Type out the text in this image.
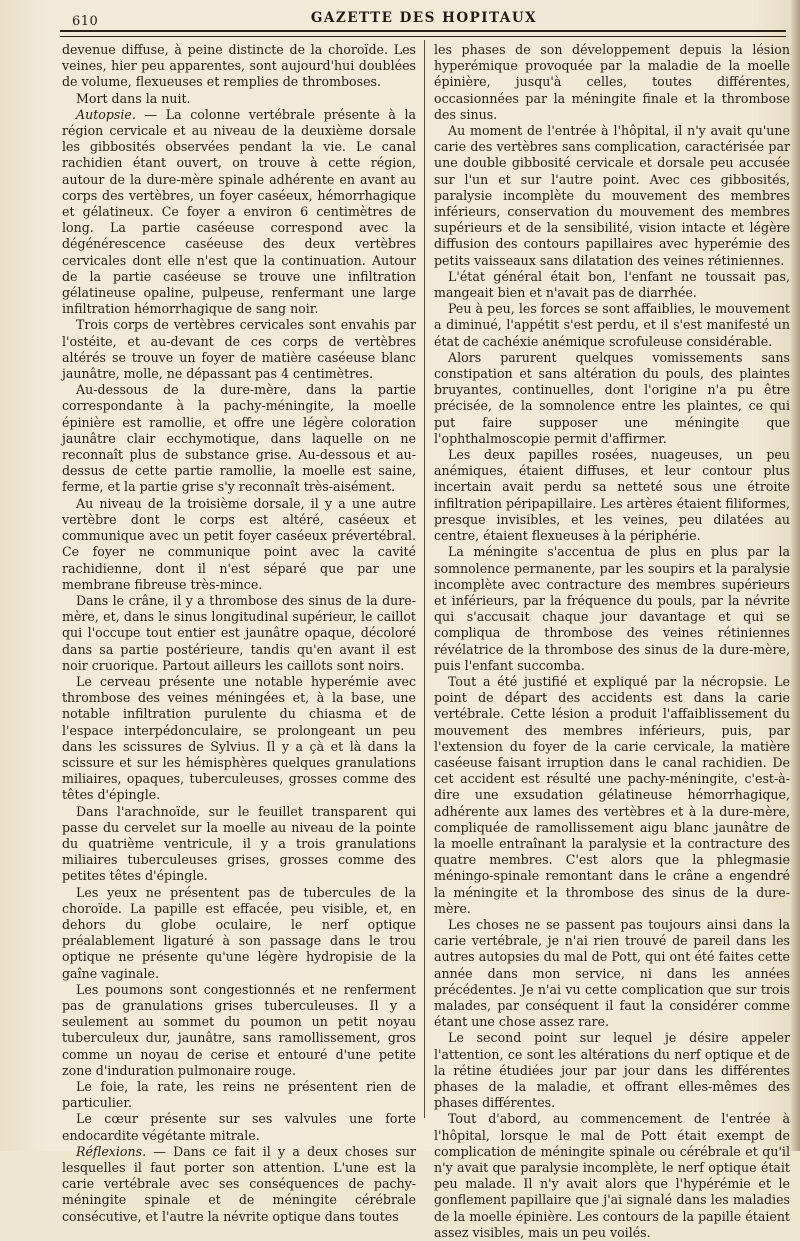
610	GAZETTE DES HOPITAUX

devenue diffuse, à peine distincte de la choroïde. Les veines, hier peu apparentes, sont aujourd'hui doublées de volume, flexueuses et remplies de thromboses.

Mort dans la nuit.

Autopsie. — La colonne vertébrale présente à la région cervicale et au niveau de la deuxième dorsale les gibbosités observées pendant la vie. Le canal rachidien étant ouvert, on trouve à cette région, autour de la dure-mère spinale adhérente en avant au corps des vertèbres, un foyer caséeux, hémorrhagique et gélatineux. Ce foyer a environ 6 centimètres de long. La partie caséeuse correspond avec la dégénérescence caséeuse des deux vertèbres cervicales dont elle n'est que la continuation. Autour de la partie caséeuse se trouve une infiltration gélatineuse opaline, pulpeuse, renfermant une large infiltration hémorrhagique de sang noir.

Trois corps de vertèbres cervicales sont envahis par l'ostéite, et au-devant de ces corps de vertèbres altérés se trouve un foyer de matière caséeuse blanc jaunâtre, molle, ne dépassant pas 4 centimètres.

Au-dessous de la dure-mère, dans la partie correspondante à la pachy-méningite, la moelle épinière est ramollie, et offre une légère coloration jaunâtre clair ecchymotique, dans laquelle on ne reconnaît plus de substance grise. Au-dessous et au-dessus de cette partie ramollie, la moelle est saine, ferme, et la partie grise s'y reconnaît très-aisément.

Au niveau de la troisième dorsale, il y a une autre vertèbre dont le corps est altéré, caséeux et communique avec un petit foyer caséeux prévertébral. Ce foyer ne communique point avec la cavité rachidienne, dont il n'est séparé que par une membrane fibreuse très-mince.

Dans le crâne, il y a thrombose des sinus de la dure-mère, et, dans le sinus longitudinal supérieur, le caillot qui l'occupe tout entier est jaunâtre opaque, décoloré dans sa partie postérieure, tandis qu'en avant il est noir cruorique. Partout ailleurs les caillots sont noirs.

Le cerveau présente une notable hyperémie avec thrombose des veines méningées et, à la base, une notable infiltration purulente du chiasma et de l'espace interpédonculaire, se prolongeant un peu dans les scissures de Sylvius. Il y a çà et là dans la scissure et sur les hémisphères quelques granulations miliaires, opaques, tuberculeuses, grosses comme des têtes d'épingle.

Dans l'arachnoïde, sur le feuillet transparent qui passe du cervelet sur la moelle au niveau de la pointe du quatrième ventricule, il y a trois granulations miliaires tuberculeuses grises, grosses comme des petites têtes d'épingle.

Les yeux ne présentent pas de tubercules de la choroïde. La papille est effacée, peu visible, et, en dehors du globe oculaire, le nerf optique préalablement ligaturé à son passage dans le trou optique ne présente qu'une légère hydropisie de la gaîne vaginale.

Les poumons sont congestionnés et ne renferment pas de granulations grises tuberculeuses. Il y a seulement au sommet du poumon un petit noyau tuberculeux dur, jaunâtre, sans ramollissement, gros comme un noyau de cerise et entouré d'une petite zone d'induration pulmonaire rouge.

Le foie, la rate, les reins ne présentent rien de particulier.

Le cœur présente sur ses valvules une forte endocardite végétante mitrale.

Réflexions. — Dans ce fait il y a deux choses sur lesquelles il faut porter son attention. L'une est la carie vertébrale avec ses conséquences de pachy-méningite spinale et de méningite cérébrale consécutive, et l'autre la névrite optique dans toutes

les phases de son développement depuis la lésion hyperémique provoquée par la maladie de la moelle épinière, jusqu'à celles, toutes différentes, occasionnées par la méningite finale et la thrombose des sinus.

Au moment de l'entrée à l'hôpital, il n'y avait qu'une carie des vertèbres sans complication, caractérisée par une double gibbosité cervicale et dorsale peu accusée sur l'un et sur l'autre point. Avec ces gibbosités, paralysie incomplète du mouvement des membres inférieurs, conservation du mouvement des membres supérieurs et de la sensibilité, vision intacte et légère diffusion des contours papillaires avec hyperémie des petits vaisseaux sans dilatation des veines rétiniennes.

L'état général était bon, l'enfant ne toussait pas, mangeait bien et n'avait pas de diarrhée.

Peu à peu, les forces se sont affaiblies, le mouvement a diminué, l'appétit s'est perdu, et il s'est manifesté un état de cachéxie anémique scrofuleuse considérable.

Alors parurent quelques vomissements sans constipation et sans altération du pouls, des plaintes bruyantes, continuelles, dont l'origine n'a pu être précisée, de la somnolence entre les plaintes, ce qui put faire supposer une méningite que l'ophthalmoscopie permit d'affirmer.

Les deux papilles rosées, nuageuses, un peu anémiques, étaient diffuses, et leur contour plus incertain avait perdu sa netteté sous une étroite infiltration péripapillaire. Les artères étaient filiformes, presque invisibles, et les veines, peu dilatées au centre, étaient flexueuses à la périphérie.

La méningite s'accentua de plus en plus par la somnolence permanente, par les soupirs et la paralysie incomplète avec contracture des membres supérieurs et inférieurs, par la fréquence du pouls, par la névrite qui s'accusait chaque jour davantage et qui se compliqua de thrombose des veines rétiniennes révélatrice de la thrombose des sinus de la dure-mère, puis l'enfant succomba.

Tout a été justifié et expliqué par la nécropsie. Le point de départ des accidents est dans la carie vertébrale. Cette lésion a produit l'affaiblissement du mouvement des membres inférieurs, puis, par l'extension du foyer de la carie cervicale, la matière caséeuse faisant irruption dans le canal rachidien. De cet accident est résulté une pachy-méningite, c'est-à-dire une exsudation gélatineuse hémorrhagique, adhérente aux lames des vertèbres et à la dure-mère, compliquée de ramollissement aigu blanc jaunâtre de la moelle entraînant la paralysie et la contracture des quatre membres. C'est alors que la phlegmasie méningo-spinale remontant dans le crâne a engendré la méningite et la thrombose des sinus de la dure-mère.

Les choses ne se passent pas toujours ainsi dans la carie vertébrale, je n'ai rien trouvé de pareil dans les autres autopsies du mal de Pott, qui ont été faites cette année dans mon service, ni dans les années précédentes. Je n'ai vu cette complication que sur trois malades, par conséquent il faut la considérer comme étant une chose assez rare.

Le second point sur lequel je désire appeler l'attention, ce sont les altérations du nerf optique et de la rétine étudiées jour par jour dans les différentes phases de la maladie, et offrant elles-mêmes des phases différentes.

Tout d'abord, au commencement de l'entrée à l'hôpital, lorsque le mal de Pott était exempt de complication de méningite spinale ou cérébrale et qu'il n'y avait que paralysie incomplète, le nerf optique était peu malade. Il n'y avait alors que l'hypérémie et le gonflement papillaire que j'ai signalé dans les maladies de la moelle épinière. Les contours de la papille étaient assez visibles, mais un peu voilés.
